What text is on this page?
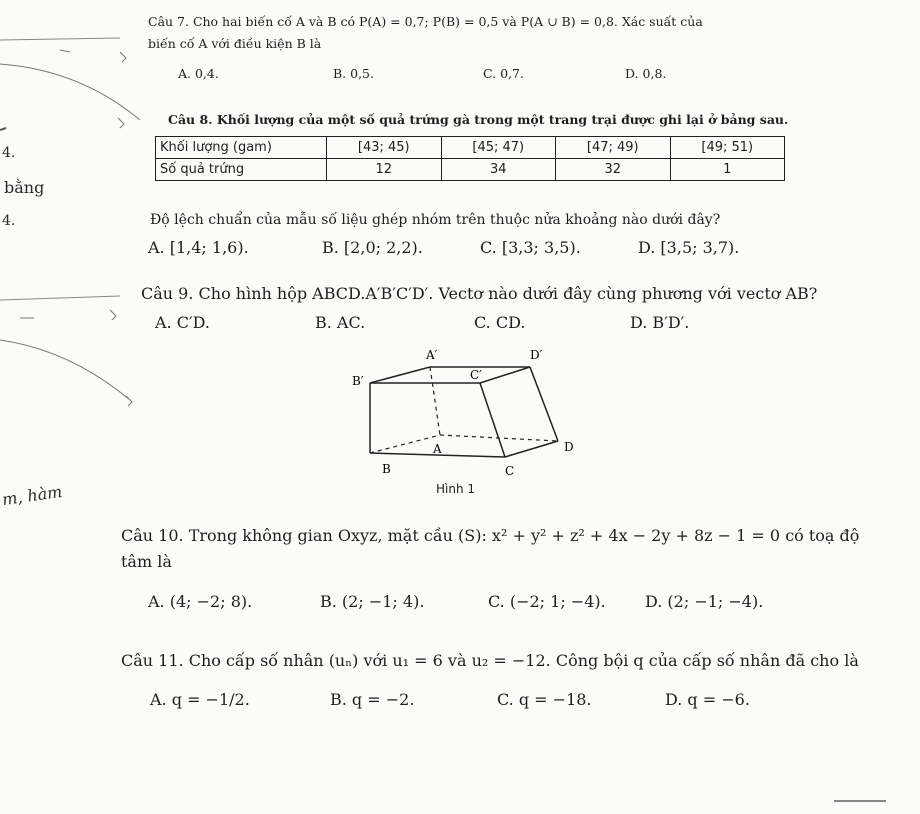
4.
bằng
4.
m, hàm
Câu 7. Cho hai biến cố A và B có P(A) = 0,7; P(B) = 0,5 và P(A ∪ B) = 0,8. Xác suất của
biến cố A với điều kiện B là
A. 0,4.	B. 0,5.	C. 0,7.	D. 0,8.
Câu 8. Khối lượng của một số quả trứng gà trong một trang trại được ghi lại ở bảng sau.
Khối lượng (gam)	[43; 45)	[45; 47)	[47; 49)	[49; 51)
Số quả trứng	12	34	32	1
Độ lệch chuẩn của mẫu số liệu ghép nhóm trên thuộc nửa khoảng nào dưới đây?
A. [1,4; 1,6).	B. [2,0; 2,2).	C. [3,3; 3,5).	D. [3,5; 3,7).
Câu 9. Cho hình hộp ABCD.A′B′C′D′. Vectơ nào dưới đây cùng phương với vectơ AB?
A. C′D.	B. AC.	C. CD.	D. B′D′.
A′	D′
B′	C′
A	D
B	C
Hình 1
Câu 10. Trong không gian Oxyz, mặt cầu (S): x² + y² + z² + 4x − 2y + 8z − 1 = 0 có toạ độ
tâm là
A. (4; −2; 8).	B. (2; −1; 4).	C. (−2; 1; −4). D. (2; −1; −4).
Câu 11. Cho cấp số nhân (uₙ) với u₁ = 6 và u₂ = −12. Công bội q của cấp số nhân đã cho là
A. q = −1/2.	B. q = −2.	C. q = −18.	D. q = −6.
